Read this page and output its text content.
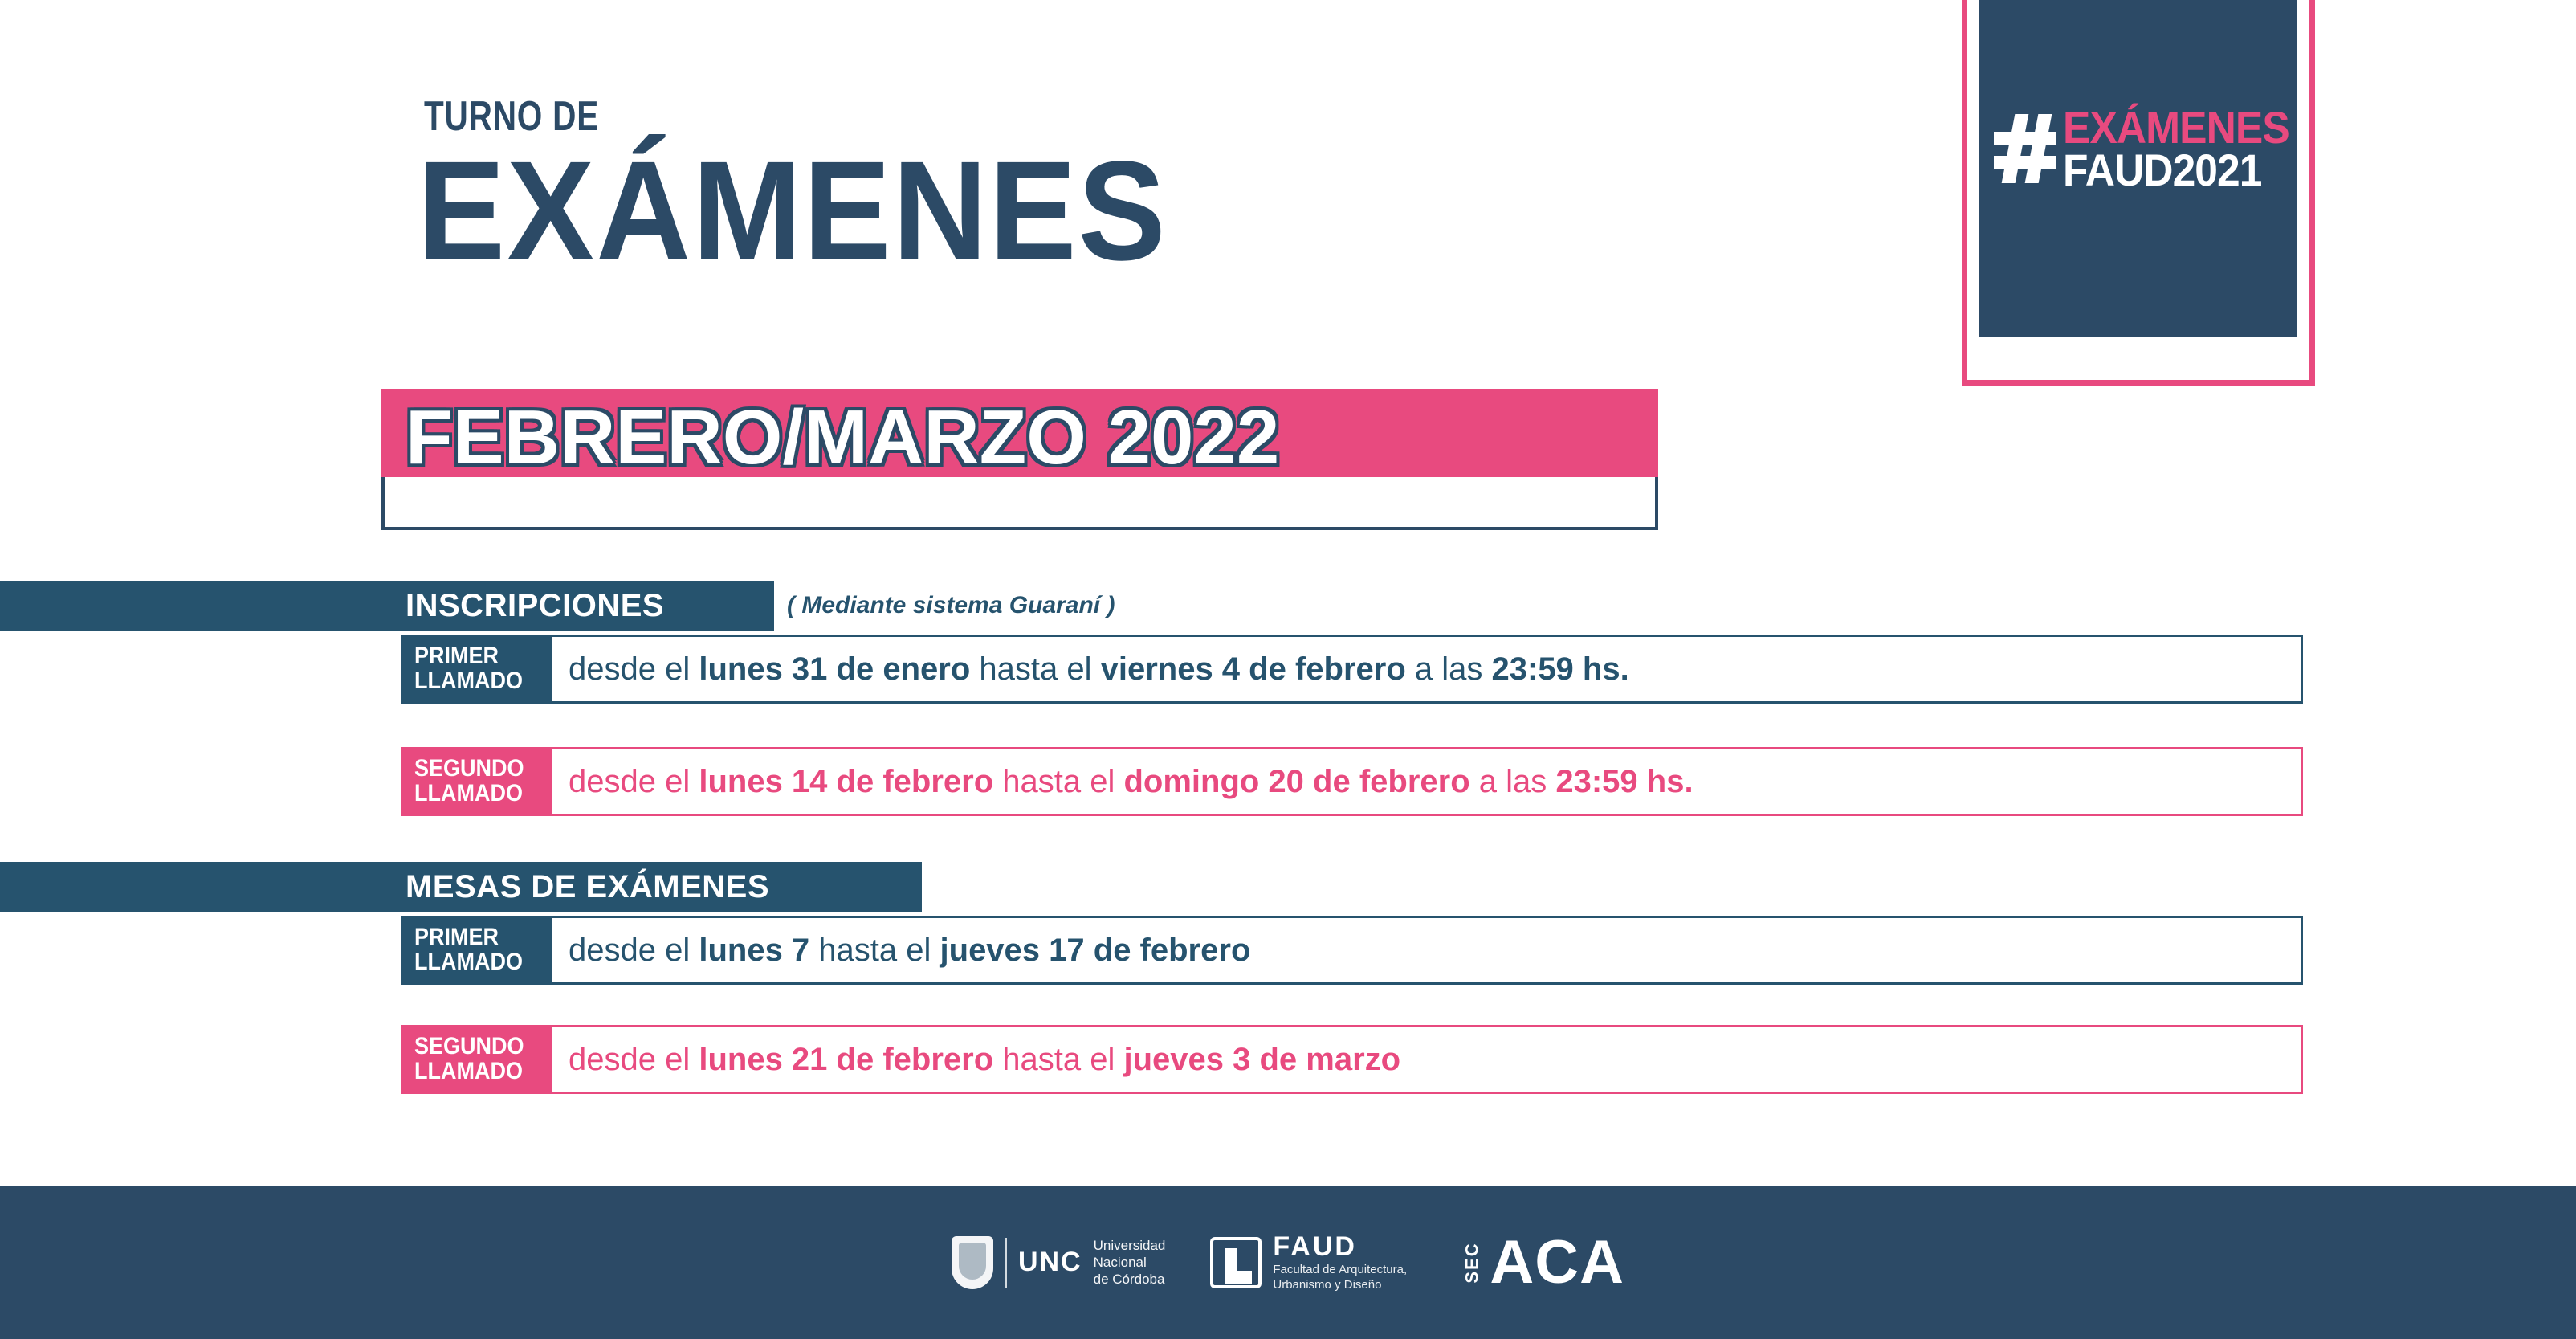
EXÁMENES
FAUD2021
TURNO DE
EXÁMENES
FEBRERO/MARZO 2022
INSCRIPCIONES	( Mediante sistema Guaraní )
PRIMER
LLAMADO	desde el lunes 31 de enero hasta el viernes 4 de febrero a las 23:59 hs.
SEGUNDO
LLAMADO	desde el lunes 14 de febrero hasta el domingo 20 de febrero a las 23:59 hs.
MESAS DE EXÁMENES
PRIMER
LLAMADO	desde el lunes 7 hasta el jueves 17 de febrero
SEGUNDO
LLAMADO	desde el lunes 21 de febrero hasta el jueves 3 de marzo
UNC
Universidad
Nacional
de Córdoba
FAUD
Facultad de Arquitectura,
Urbanismo y Diseño
SEC ACA
